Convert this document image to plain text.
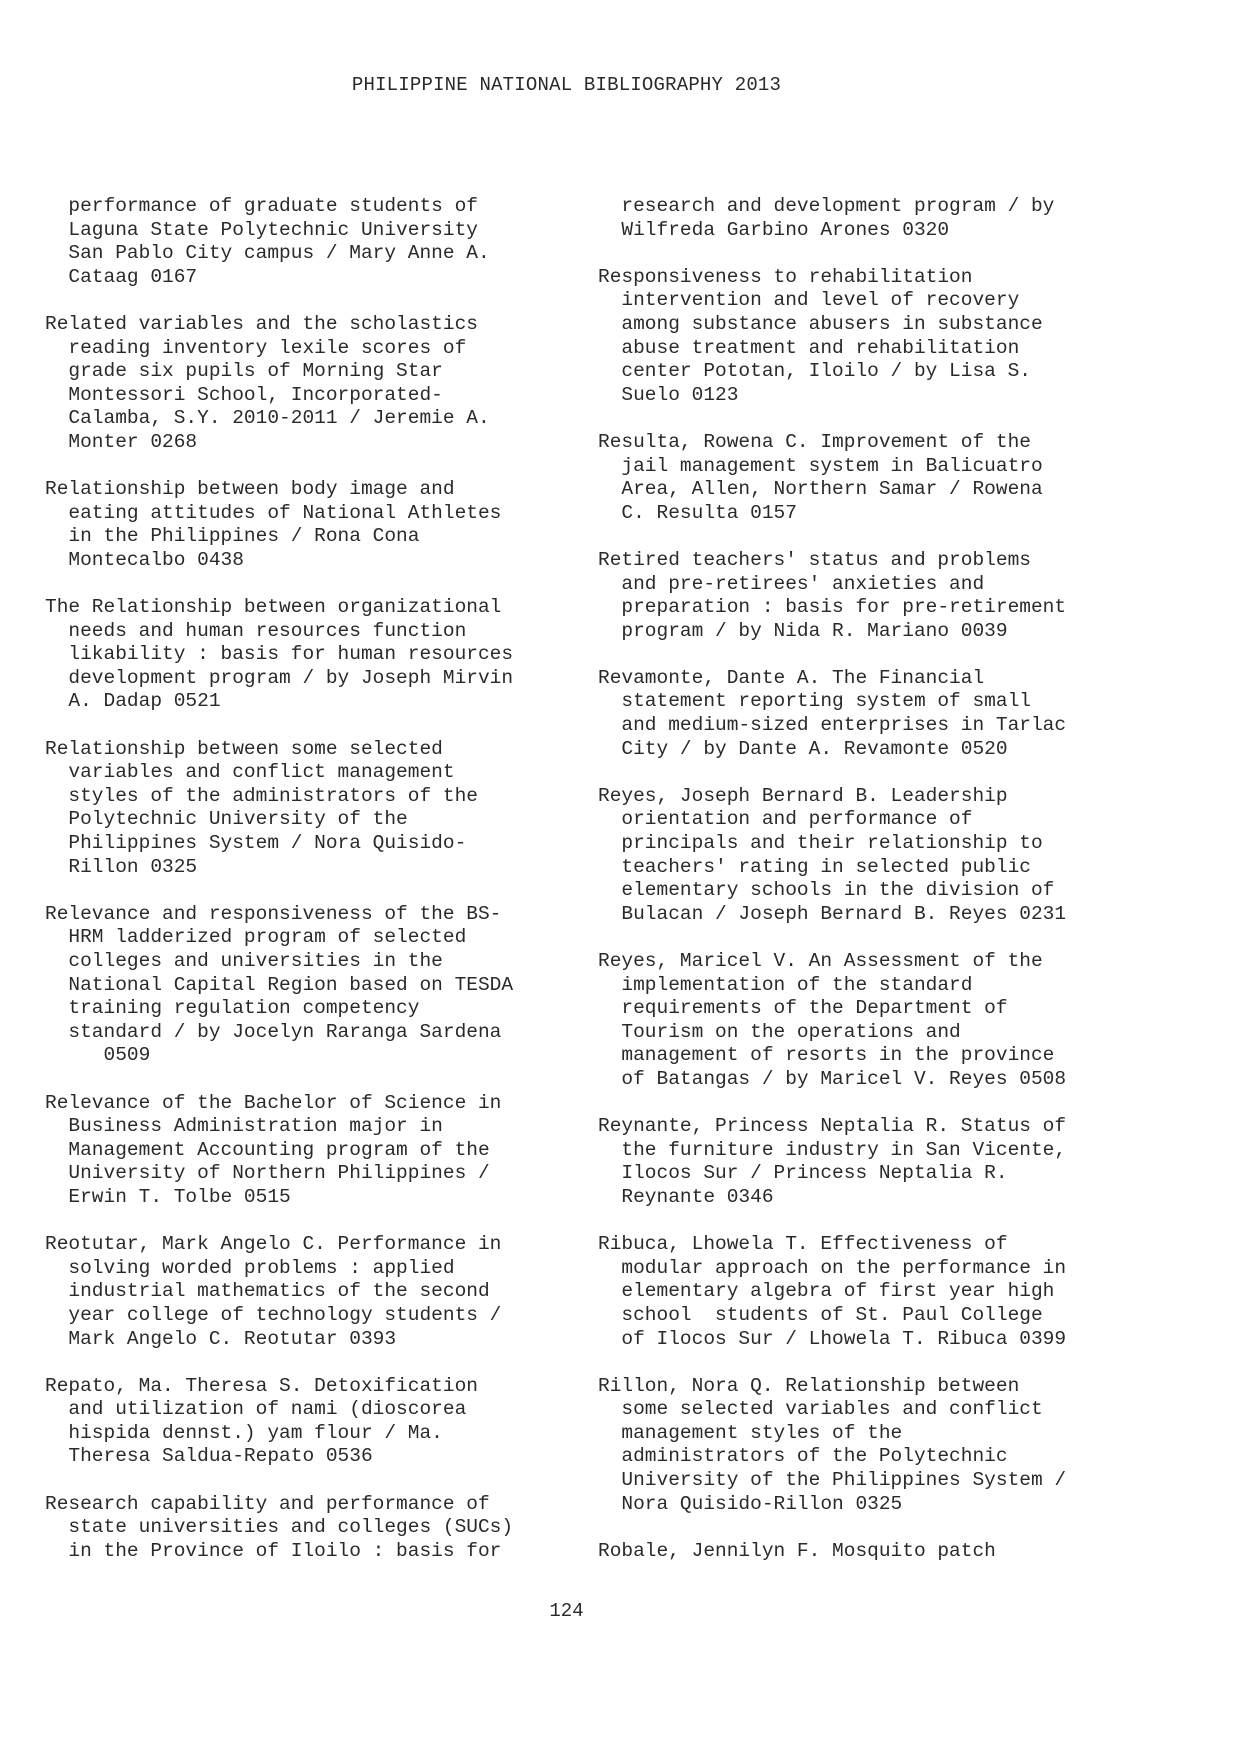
PHILIPPINE NATIONAL BIBLIOGRAPHY 2013
performance of graduate students of
Laguna State Polytechnic University
San Pablo City campus / Mary Anne A.
Cataag 0167
Related variables and the scholastics
reading inventory lexile scores of
grade six pupils of Morning Star
Montessori School, Incorporated-
Calamba, S.Y. 2010-2011 / Jeremie A.
Monter 0268
Relationship between body image and
eating attitudes of National Athletes
in the Philippines / Rona Cona
Montecalbo 0438
The Relationship between organizational
needs and human resources function
likability : basis for human resources
development program / by Joseph Mirvin
A. Dadap 0521
Relationship between some selected
variables and conflict management
styles of the administrators of the
Polytechnic University of the
Philippines System / Nora Quisido-
Rillon 0325
Relevance and responsiveness of the BS-
HRM ladderized program of selected
colleges and universities in the
National Capital Region based on TESDA
training regulation competency
standard / by Jocelyn Raranga Sardena
0509
Relevance of the Bachelor of Science in
Business Administration major in
Management Accounting program of the
University of Northern Philippines /
Erwin T. Tolbe 0515
Reotutar, Mark Angelo C. Performance in
solving worded problems : applied
industrial mathematics of the second
year college of technology students /
Mark Angelo C. Reotutar 0393
Repato, Ma. Theresa S. Detoxification
and utilization of nami (dioscorea
hispida dennst.) yam flour / Ma.
Theresa Saldua-Repato 0536
Research capability and performance of
state universities and colleges (SUCs)
in the Province of Iloilo : basis for
research and development program / by
Wilfreda Garbino Arones 0320
Responsiveness to rehabilitation
intervention and level of recovery
among substance abusers in substance
abuse treatment and rehabilitation
center Pototan, Iloilo / by Lisa S.
Suelo 0123
Resulta, Rowena C. Improvement of the
jail management system in Balicuatro
Area, Allen, Northern Samar / Rowena
C. Resulta 0157
Retired teachers' status and problems
and pre-retirees' anxieties and
preparation : basis for pre-retirement
program / by Nida R. Mariano 0039
Revamonte, Dante A. The Financial
statement reporting system of small
and medium-sized enterprises in Tarlac
City / by Dante A. Revamonte 0520
Reyes, Joseph Bernard B. Leadership
orientation and performance of
principals and their relationship to
teachers' rating in selected public
elementary schools in the division of
Bulacan / Joseph Bernard B. Reyes 0231
Reyes, Maricel V. An Assessment of the
implementation of the standard
requirements of the Department of
Tourism on the operations and
management of resorts in the province
of Batangas / by Maricel V. Reyes 0508
Reynante, Princess Neptalia R. Status of
the furniture industry in San Vicente,
Ilocos Sur / Princess Neptalia R.
Reynante 0346
Ribuca, Lhowela T. Effectiveness of
modular approach on the performance in
elementary algebra of first year high
school  students of St. Paul College
of Ilocos Sur / Lhowela T. Ribuca 0399
Rillon, Nora Q. Relationship between
some selected variables and conflict
management styles of the
administrators of the Polytechnic
University of the Philippines System /
Nora Quisido-Rillon 0325
Robale, Jennilyn F. Mosquito patch
124
